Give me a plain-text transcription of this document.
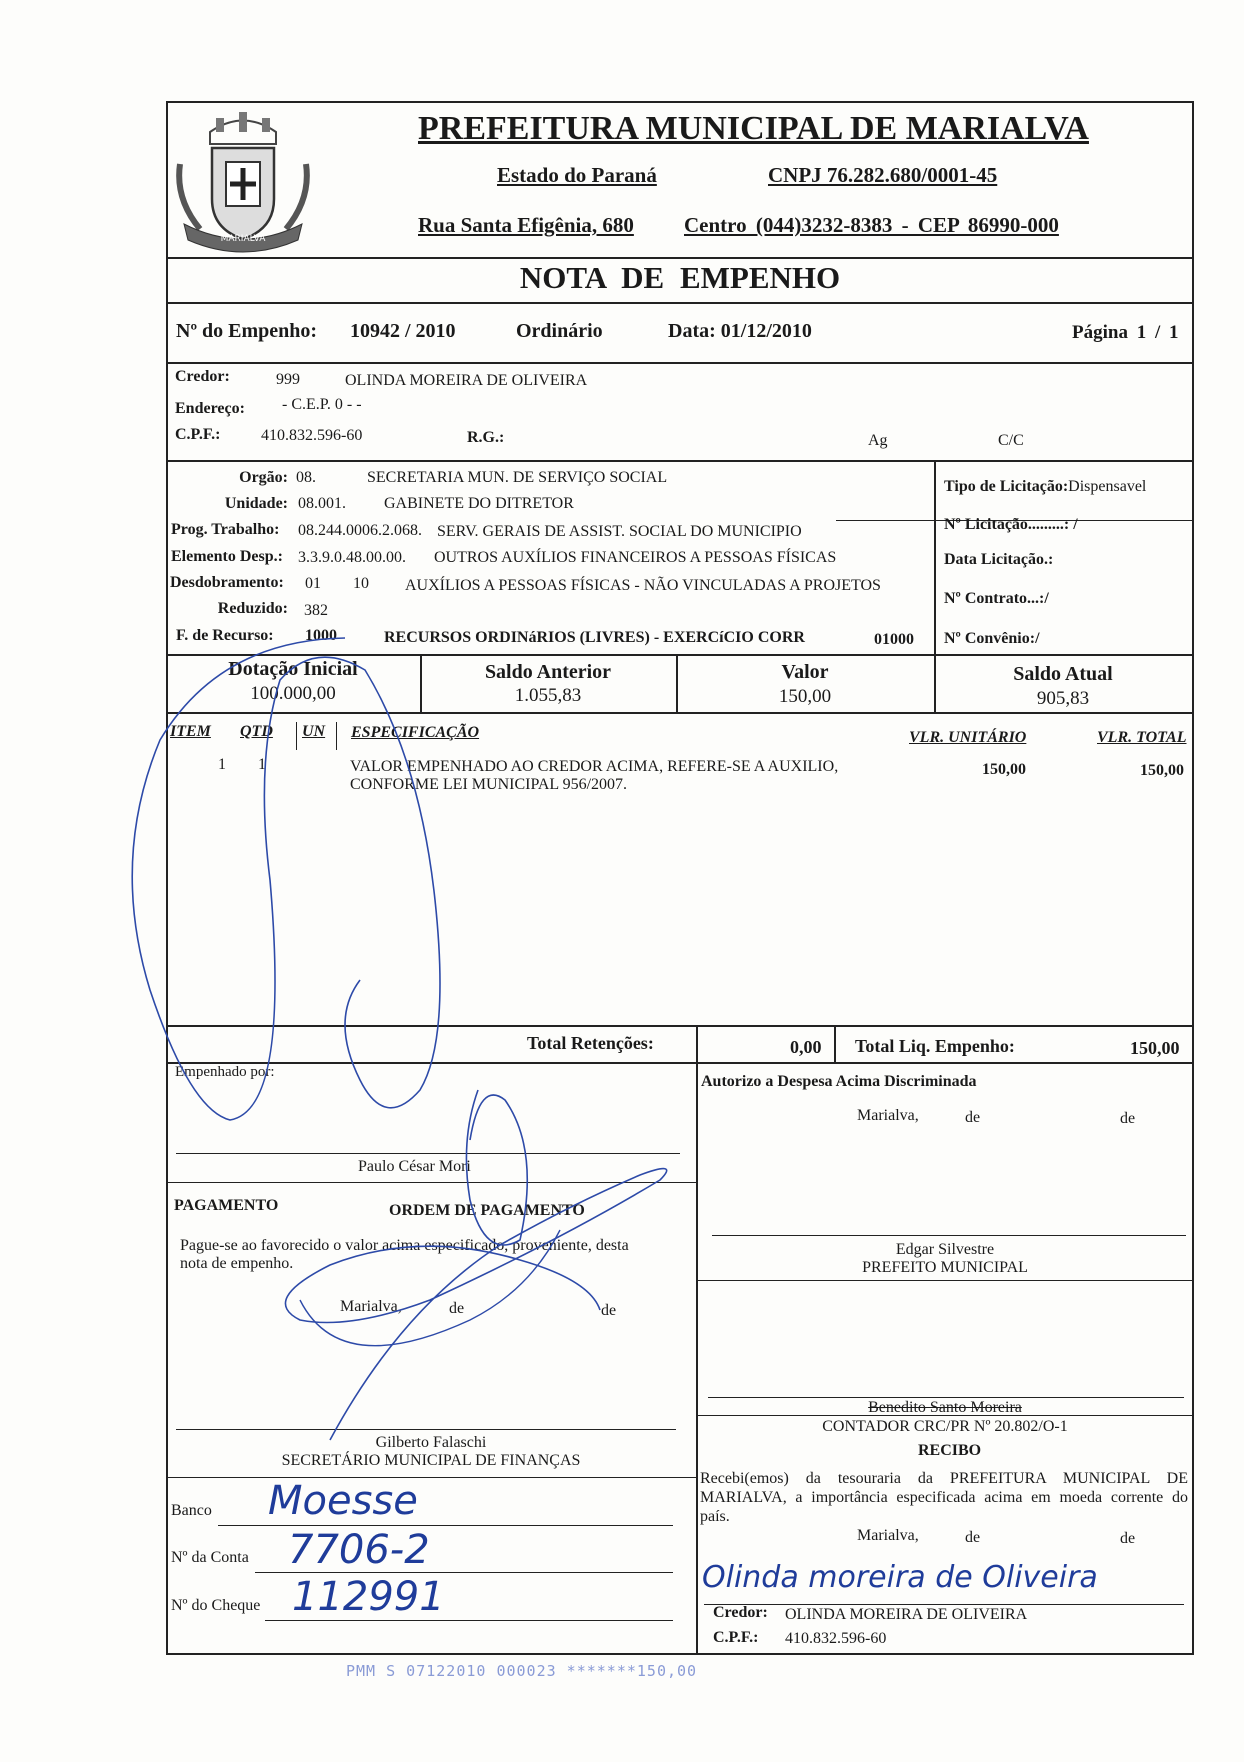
MARIALVA
PREFEITURA MUNICIPAL DE MARIALVA
Estado do Paraná	CNPJ 76.282.680/0001-45
Rua Santa Efigênia, 680 Centro (044)3232-8383 - CEP 86990-000
NOTA DE EMPENHO
Nº do Empenho: 10942 / 2010	Ordinário	Data: 01/12/2010	Página 1 / 1
Credor:	999	OLINDA MOREIRA DE OLIVEIRA
Endereço: - C.E.P. 0 - -
C.P.F.:	410.832.596-60	R.G.:	Ag	C/C
Orgão: 08.	SECRETARIA MUN. DE SERVIÇO SOCIAL
Unidade: 08.001. GABINETE DO DITRETOR
Prog. Trabalho: 08.244.0006.2.068. SERV. GERAIS DE ASSIST. SOCIAL DO MUNICIPIO
Elemento Desp.: 3.3.9.0.48.00.00. OUTROS AUXÍLIOS FINANCEIROS A PESSOAS FÍSICAS
Desdobramento: 01 10 AUXÍLIOS A PESSOAS FÍSICAS - NÃO VINCULADAS A PROJETOS
Reduzido: 382
F. de Recurso: 1000	RECURSOS ORDINáRIOS (LIVRES) - EXERCíCIO CORR	01000
Tipo de Licitação:Dispensavel
Nº Licitação.........: /
Data Licitação.:
Nº Contrato...:/
Nº Convênio:/
Dotação Inicial
100.000,00
Saldo Anterior
1.055,83
Valor
150,00
Saldo Atual
905,83
ITEM QTD UN ESPECIFICAÇÃO	VLR. UNITÁRIO	VLR. TOTAL
1 1	VALOR EMPENHADO AO CREDOR ACIMA, REFERE-SE A AUXILIO,
CONFORME LEI MUNICIPAL 956/2007.
150,00	150,00
Total Retenções:	0,00 Total Liq. Empenho:	150,00
Empenhado por:
Paulo César Mori
Autorizo a Despesa Acima Discriminada
Marialva,	de	de
Edgar Silvestre
PREFEITO MUNICIPAL
PAGAMENTO	ORDEM DE PAGAMENTO
Pague-se ao favorecido o valor acima especificado, proveniente, desta
nota de empenho.
Marialva,	de	de
Gilberto Falaschi
SECRETÁRIO MUNICIPAL DE FINANÇAS
Benedito Santo Moreira
CONTADOR CRC/PR Nº 20.802/O-1
RECIBO
Recebi(emos) da tesouraria da PREFEITURA MUNICIPAL DE
MARIALVA, a importância especificada acima em moeda corrente do
país.
Marialva,	de	de
Olinda moreira de Oliveira
Credor: OLINDA MOREIRA DE OLIVEIRA
C.P.F.: 410.832.596-60
Banco Moesse
Nº da Conta 7706-2
Nº do Cheque 112991
PMM S 07122010 000023 *******150,00
